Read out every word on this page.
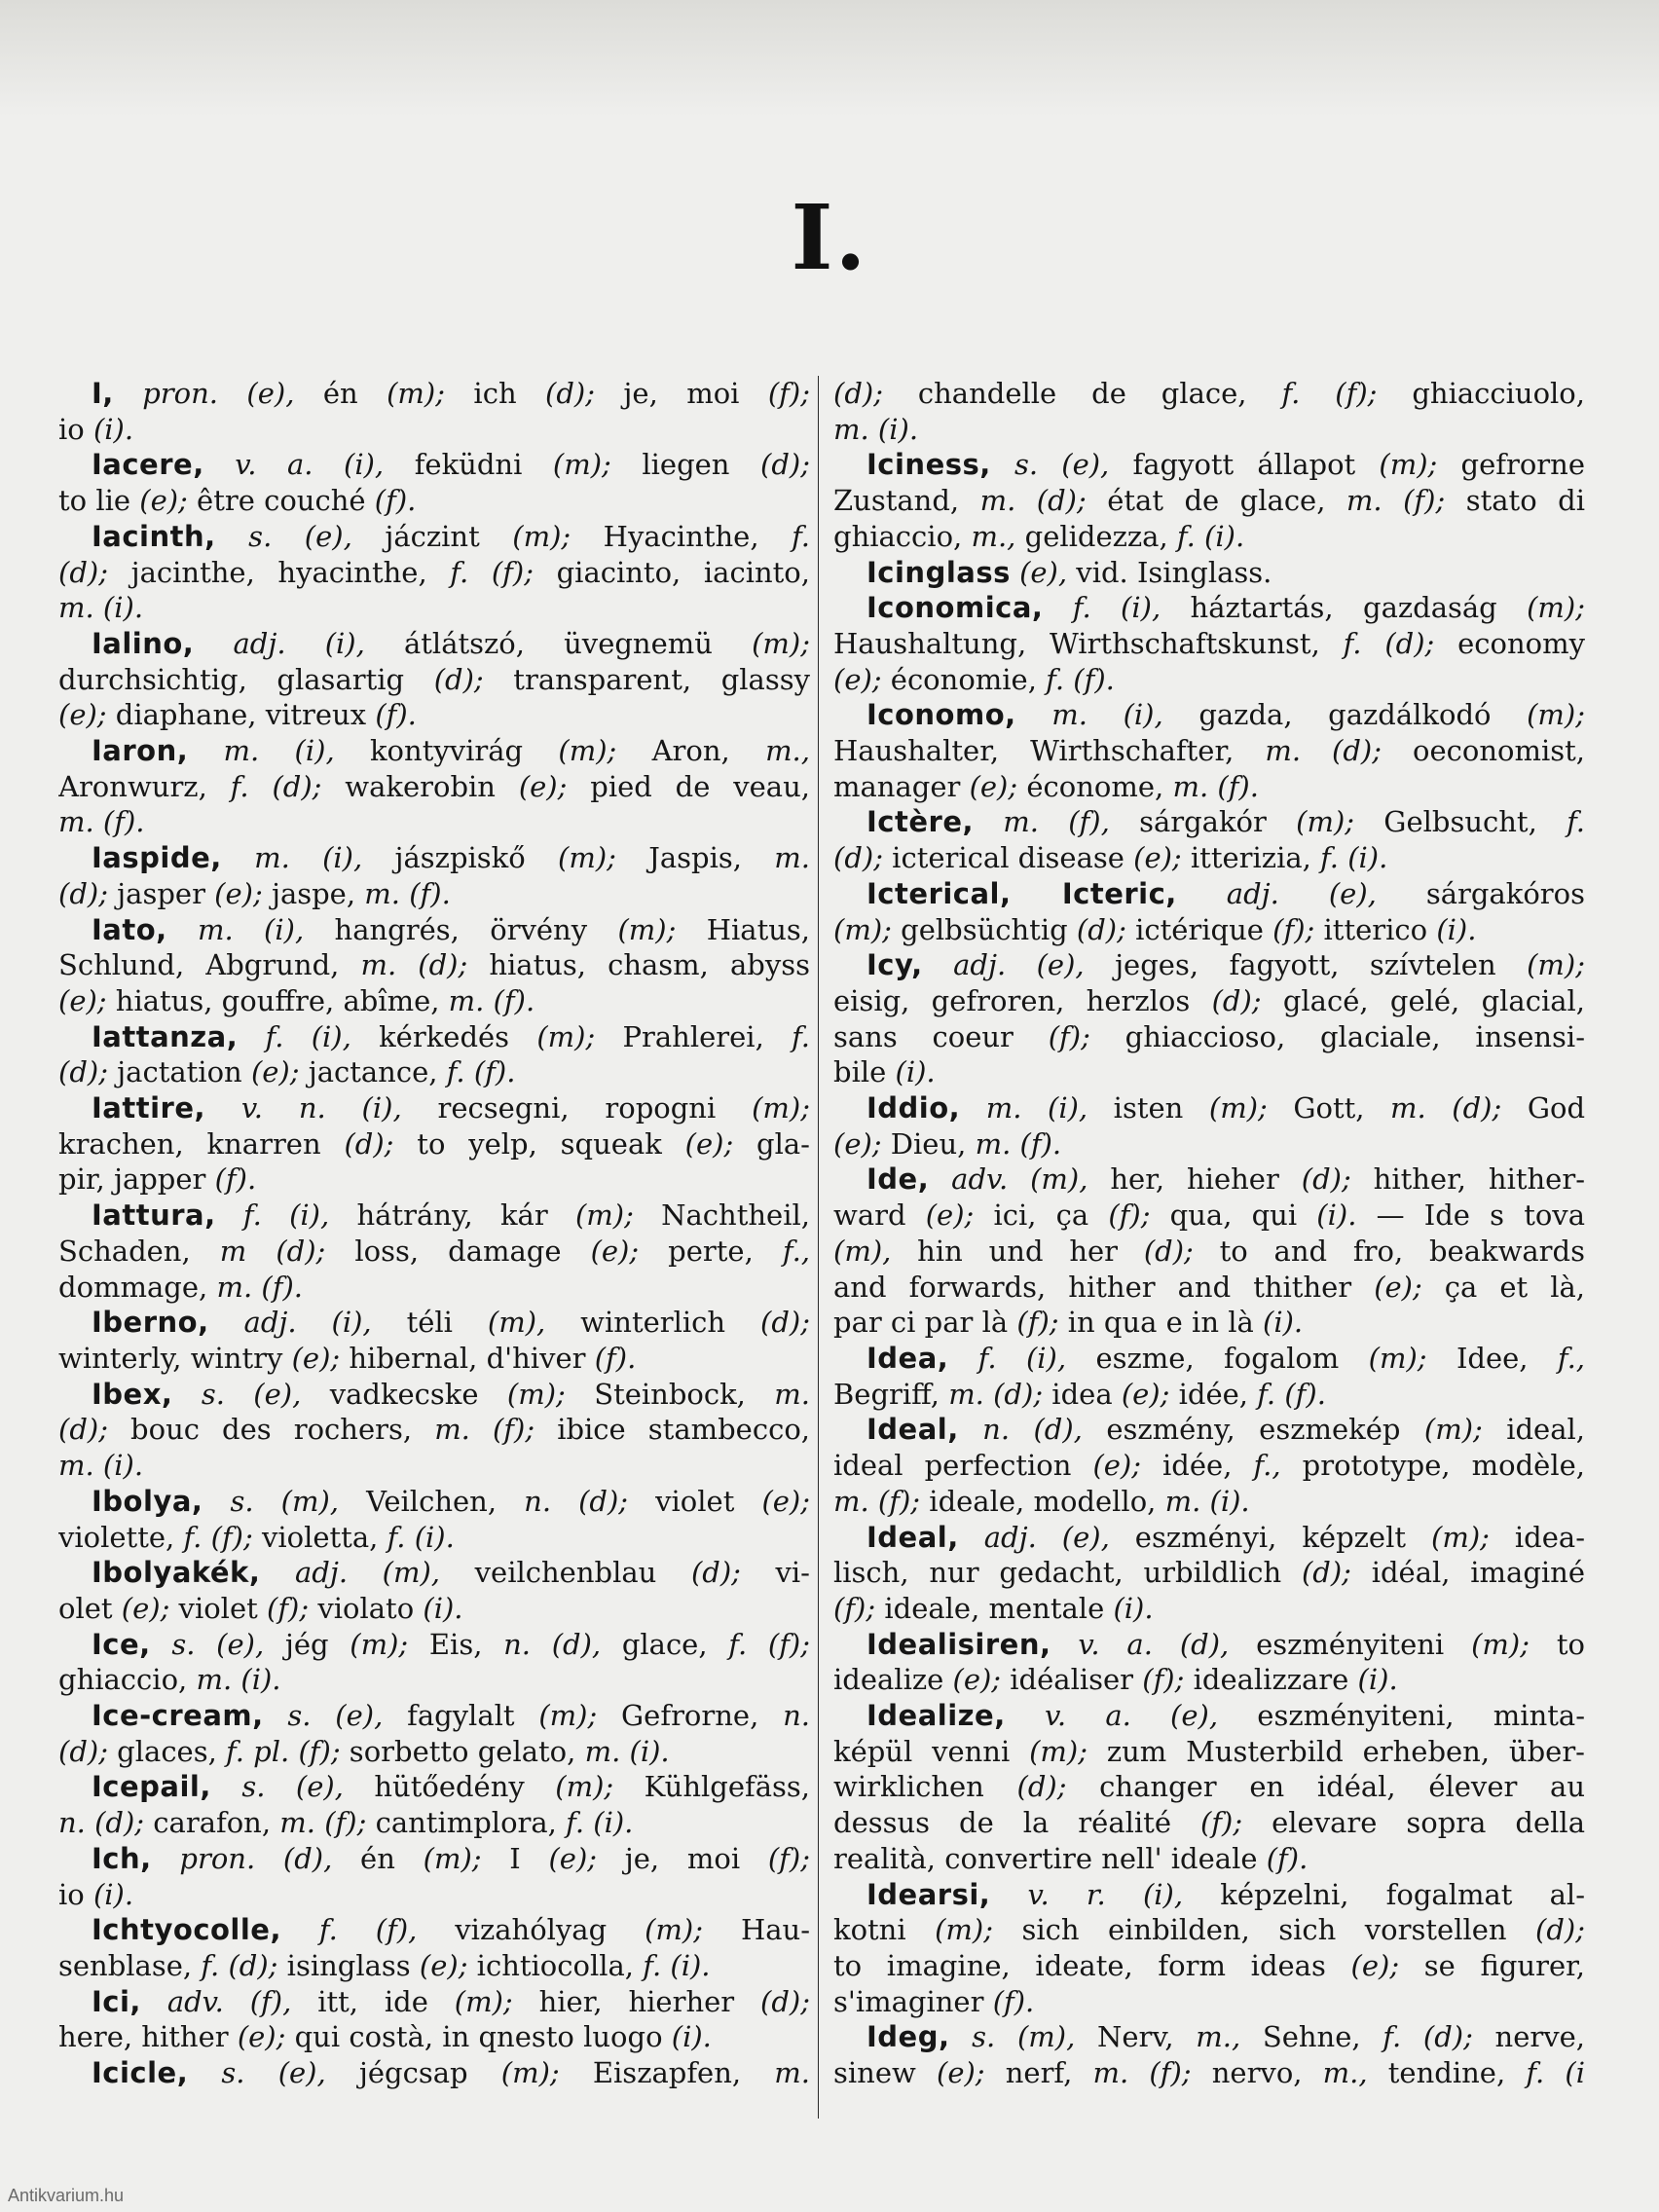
I.
I, pron. (e), én (m); ich (d); je, moi (f);
io (i).
Iacere, v. a. (i), feküdni (m); liegen (d);
to lie (e); être couché (f).
Iacinth, s. (e), jáczint (m); Hyacinthe, f.
(d); jacinthe, hyacinthe, f. (f); giacinto, iacinto,
m. (i).
Ialino, adj. (i), átlátszó, üvegnemü (m);
durchsichtig, glasartig (d); transparent, glassy
(e); diaphane, vitreux (f).
Iaron, m. (i), kontyvirág (m); Aron, m.,
Aronwurz, f. (d); wakerobin (e); pied de veau,
m. (f).
Iaspide, m. (i), jászpiskő (m); Jaspis, m.
(d); jasper (e); jaspe, m. (f).
Iato, m. (i), hangrés, örvény (m); Hiatus,
Schlund, Abgrund, m. (d); hiatus, chasm, abyss
(e); hiatus, gouffre, abîme, m. (f).
Iattanza, f. (i), kérkedés (m); Prahlerei, f.
(d); jactation (e); jactance, f. (f).
Iattire, v. n. (i), recsegni, ropogni (m);
krachen, knarren (d); to yelp, squeak (e); gla-
pir, japper (f).
Iattura, f. (i), hátrány, kár (m); Nachtheil,
Schaden, m (d); loss, damage (e); perte, f.,
dommage, m. (f).
Iberno, adj. (i), téli (m), winterlich (d);
winterly, wintry (e); hibernal, d'hiver (f).
Ibex, s. (e), vadkecske (m); Steinbock, m.
(d); bouc des rochers, m. (f); ibice stambecco,
m. (i).
Ibolya, s. (m), Veilchen, n. (d); violet (e);
violette, f. (f); violetta, f. (i).
Ibolyakék, adj. (m), veilchenblau (d); vi-
olet (e); violet (f); violato (i).
Ice, s. (e), jég (m); Eis, n. (d), glace, f. (f);
ghiaccio, m. (i).
Ice-cream, s. (e), fagylalt (m); Gefrorne, n.
(d); glaces, f. pl. (f); sorbetto gelato, m. (i).
Icepail, s. (e), hütőedény (m); Kühlgefäss,
n. (d); carafon, m. (f); cantimplora, f. (i).
Ich, pron. (d), én (m); I (e); je, moi (f);
io (i).
Ichtyocolle, f. (f), vizahólyag (m); Hau-
senblase, f. (d); isinglass (e); ichtiocolla, f. (i).
Ici, adv. (f), itt, ide (m); hier, hierher (d);
here, hither (e); qui costà, in qnesto luogo (i).
Icicle, s. (e), jégcsap (m); Eiszapfen, m.
(d); chandelle de glace, f. (f); ghiacciuolo,
m. (i).
Iciness, s. (e), fagyott állapot (m); gefrorne
Zustand, m. (d); état de glace, m. (f); stato di
ghiaccio, m., gelidezza, f. (i).
Icinglass (e), vid. Isinglass.
Iconomica, f. (i), háztartás, gazdaság (m);
Haushaltung, Wirthschaftskunst, f. (d); economy
(e); économie, f. (f).
Iconomo, m. (i), gazda, gazdálkodó (m);
Haushalter, Wirthschafter, m. (d); oeconomist,
manager (e); économe, m. (f).
Ictère, m. (f), sárgakór (m); Gelbsucht, f.
(d); icterical disease (e); itterizia, f. (i).
Icterical, Icteric, adj. (e), sárgakóros
(m); gelbsüchtig (d); ictérique (f); itterico (i).
Icy, adj. (e), jeges, fagyott, szívtelen (m);
eisig, gefroren, herzlos (d); glacé, gelé, glacial,
sans coeur (f); ghiaccioso, glaciale, insensi-
bile (i).
Iddio, m. (i), isten (m); Gott, m. (d); God
(e); Dieu, m. (f).
Ide, adv. (m), her, hieher (d); hither, hither-
ward (e); ici, ça (f); qua, qui (i). — Ide s tova
(m), hin und her (d); to and fro, beakwards
and forwards, hither and thither (e); ça et là,
par ci par là (f); in qua e in là (i).
Idea, f. (i), eszme, fogalom (m); Idee, f.,
Begriff, m. (d); idea (e); idée, f. (f).
Ideal, n. (d), eszmény, eszmekép (m); ideal,
ideal perfection (e); idée, f., prototype, modèle,
m. (f); ideale, modello, m. (i).
Ideal, adj. (e), eszményi, képzelt (m); idea-
lisch, nur gedacht, urbildlich (d); idéal, imaginé
(f); ideale, mentale (i).
Idealisiren, v. a. (d), eszményiteni (m); to
idealize (e); idéaliser (f); idealizzare (i).
Idealize, v. a. (e), eszményiteni, minta-
képül venni (m); zum Musterbild erheben, über-
wirklichen (d); changer en idéal, élever au
dessus de la réalité (f); elevare sopra della
realità, convertire nell' ideale (f).
Idearsi, v. r. (i), képzelni, fogalmat al-
kotni (m); sich einbilden, sich vorstellen (d);
to imagine, ideate, form ideas (e); se figurer,
s'imaginer (f).
Ideg, s. (m), Nerv, m., Sehne, f. (d); nerve,
sinew (e); nerf, m. (f); nervo, m., tendine, f. (i
Antikvarium.hu
